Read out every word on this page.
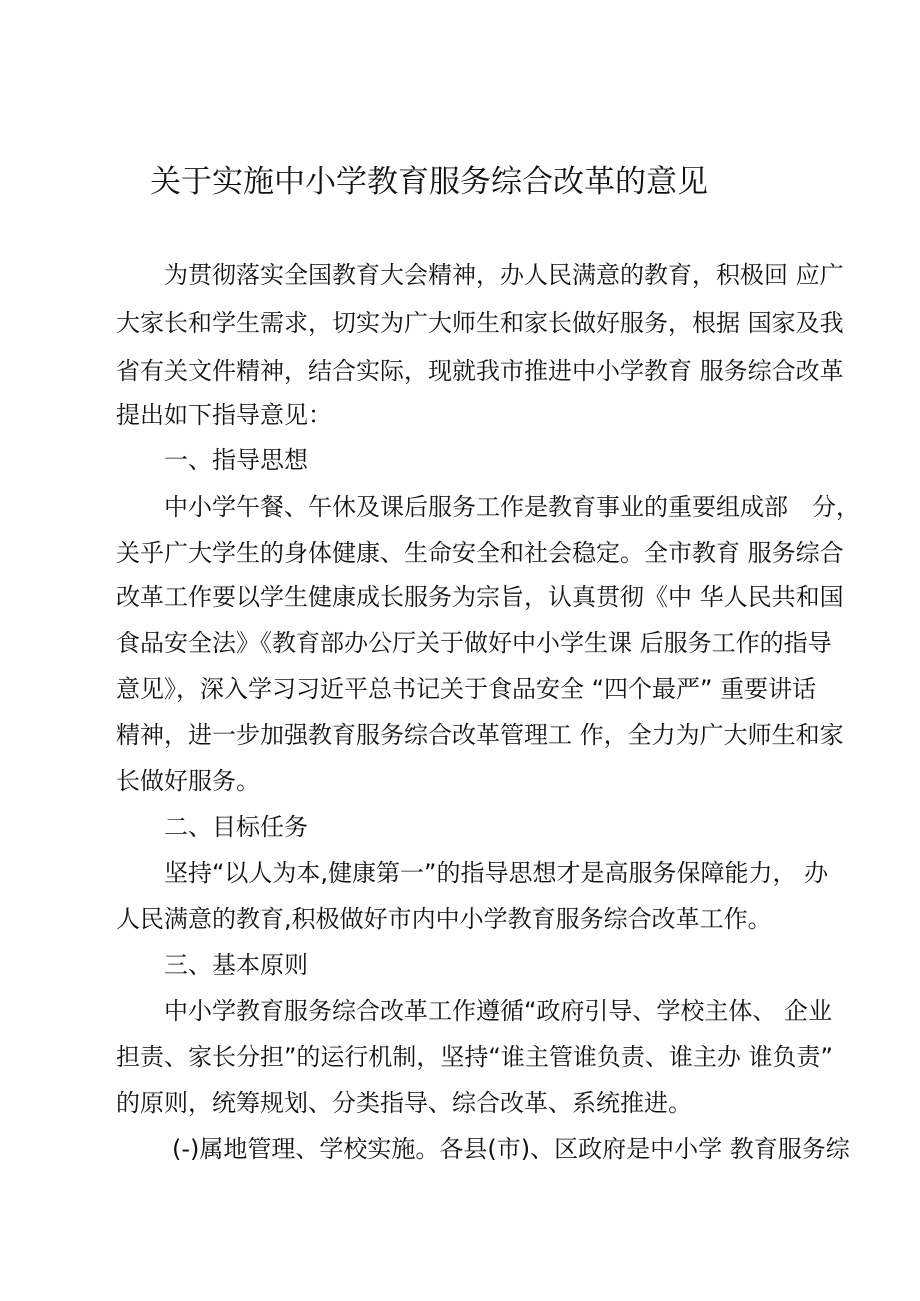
关于实施中小学教育服务综合改革的意见
为贯彻落实全国教育大会精神，办人民满意的教育，积极回 应广
大家长和学生需求，切实为广大师生和家长做好服务，根据 国家及我
省有关文件精神，结合实际，现就我市推进中小学教育 服务综合改革
提出如下指导意见：
一、指导思想
中小学午餐、午休及课后服务工作是教育事业的重要组成部　分，
关乎广大学生的身体健康、生命安全和社会稳定。全市教育 服务综合
改革工作要以学生健康成长服务为宗旨，认真贯彻《中 华人民共和国
食品安全法》《教育部办公厅关于做好中小学生课 后服务工作的指导
意见》，深入学习习近平总书记关于食品安全 “四个最严” 重要讲话
精神，进一步加强教育服务综合改革管理工 作，全力为广大师生和家
长做好服务。
二、目标任务
坚持“以人为本,健康第一”的指导思想才是高服务保障能力， 办
人民满意的教育,积极做好市内中小学教育服务综合改革工作。
三、基本原则
中小学教育服务综合改革工作遵循“政府引导、学校主体、 企业
担责、家长分担”的运行机制，坚持“谁主管谁负责、谁主办 谁负责”
的原则，统筹规划、分类指导、综合改革、系统推进。
(-)属地管理、学校实施。各县(市)、区政府是中小学 教育服务综
